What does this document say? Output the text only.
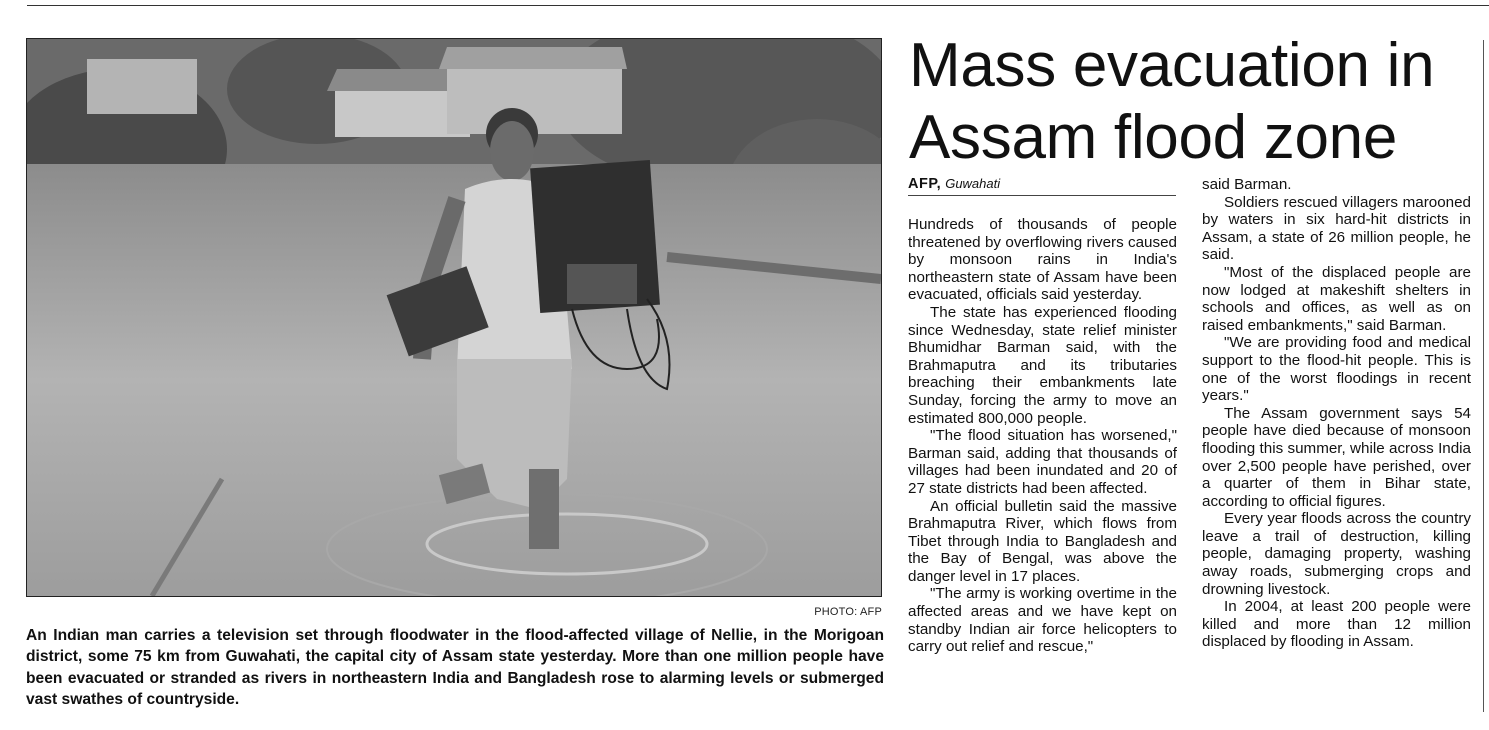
PHOTO: AFP
An Indian man carries a television set through floodwater in the flood-affected village of Nellie, in the Morigoan district, some 75 km from Guwahati, the capital city of Assam state yesterday. More than one million people have been evacuated or stranded as rivers in northeastern India and Bangladesh rose to alarming levels or submerged vast swathes of countryside.
Mass evacuation in Assam flood zone
AFP, Guwahati

Hundreds of thousands of people threatened by overflowing rivers caused by monsoon rains in India's northeastern state of Assam have been evacuated, officials said yesterday.

The state has experienced flooding since Wednesday, state relief minister Bhumidhar Barman said, with the Brahmaputra and its tributaries breaching their embankments late Sunday, forcing the army to move an estimated 800,000 people.

"The flood situation has worsened," Barman said, adding that thousands of villages had been inundated and 20 of 27 state districts had been affected.

An official bulletin said the massive Brahmaputra River, which flows from Tibet through India to Bangladesh and the Bay of Bengal, was above the danger level in 17 places.

"The army is working overtime in the affected areas and we have kept on standby Indian air force helicopters to carry out relief and rescue,"

said Barman.

Soldiers rescued villagers marooned by waters in six hard-hit districts in Assam, a state of 26 million people, he said.

"Most of the displaced people are now lodged at makeshift shelters in schools and offices, as well as on raised embankments," said Barman.

"We are providing food and medical support to the flood-hit people. This is one of the worst floodings in recent years."

The Assam government says 54 people have died because of monsoon flooding this summer, while across India over 2,500 people have perished, over a quarter of them in Bihar state, according to official figures.

Every year floods across the country leave a trail of destruction, killing people, damaging property, washing away roads, submerging crops and drowning livestock.

In 2004, at least 200 people were killed and more than 12 million displaced by flooding in Assam.
